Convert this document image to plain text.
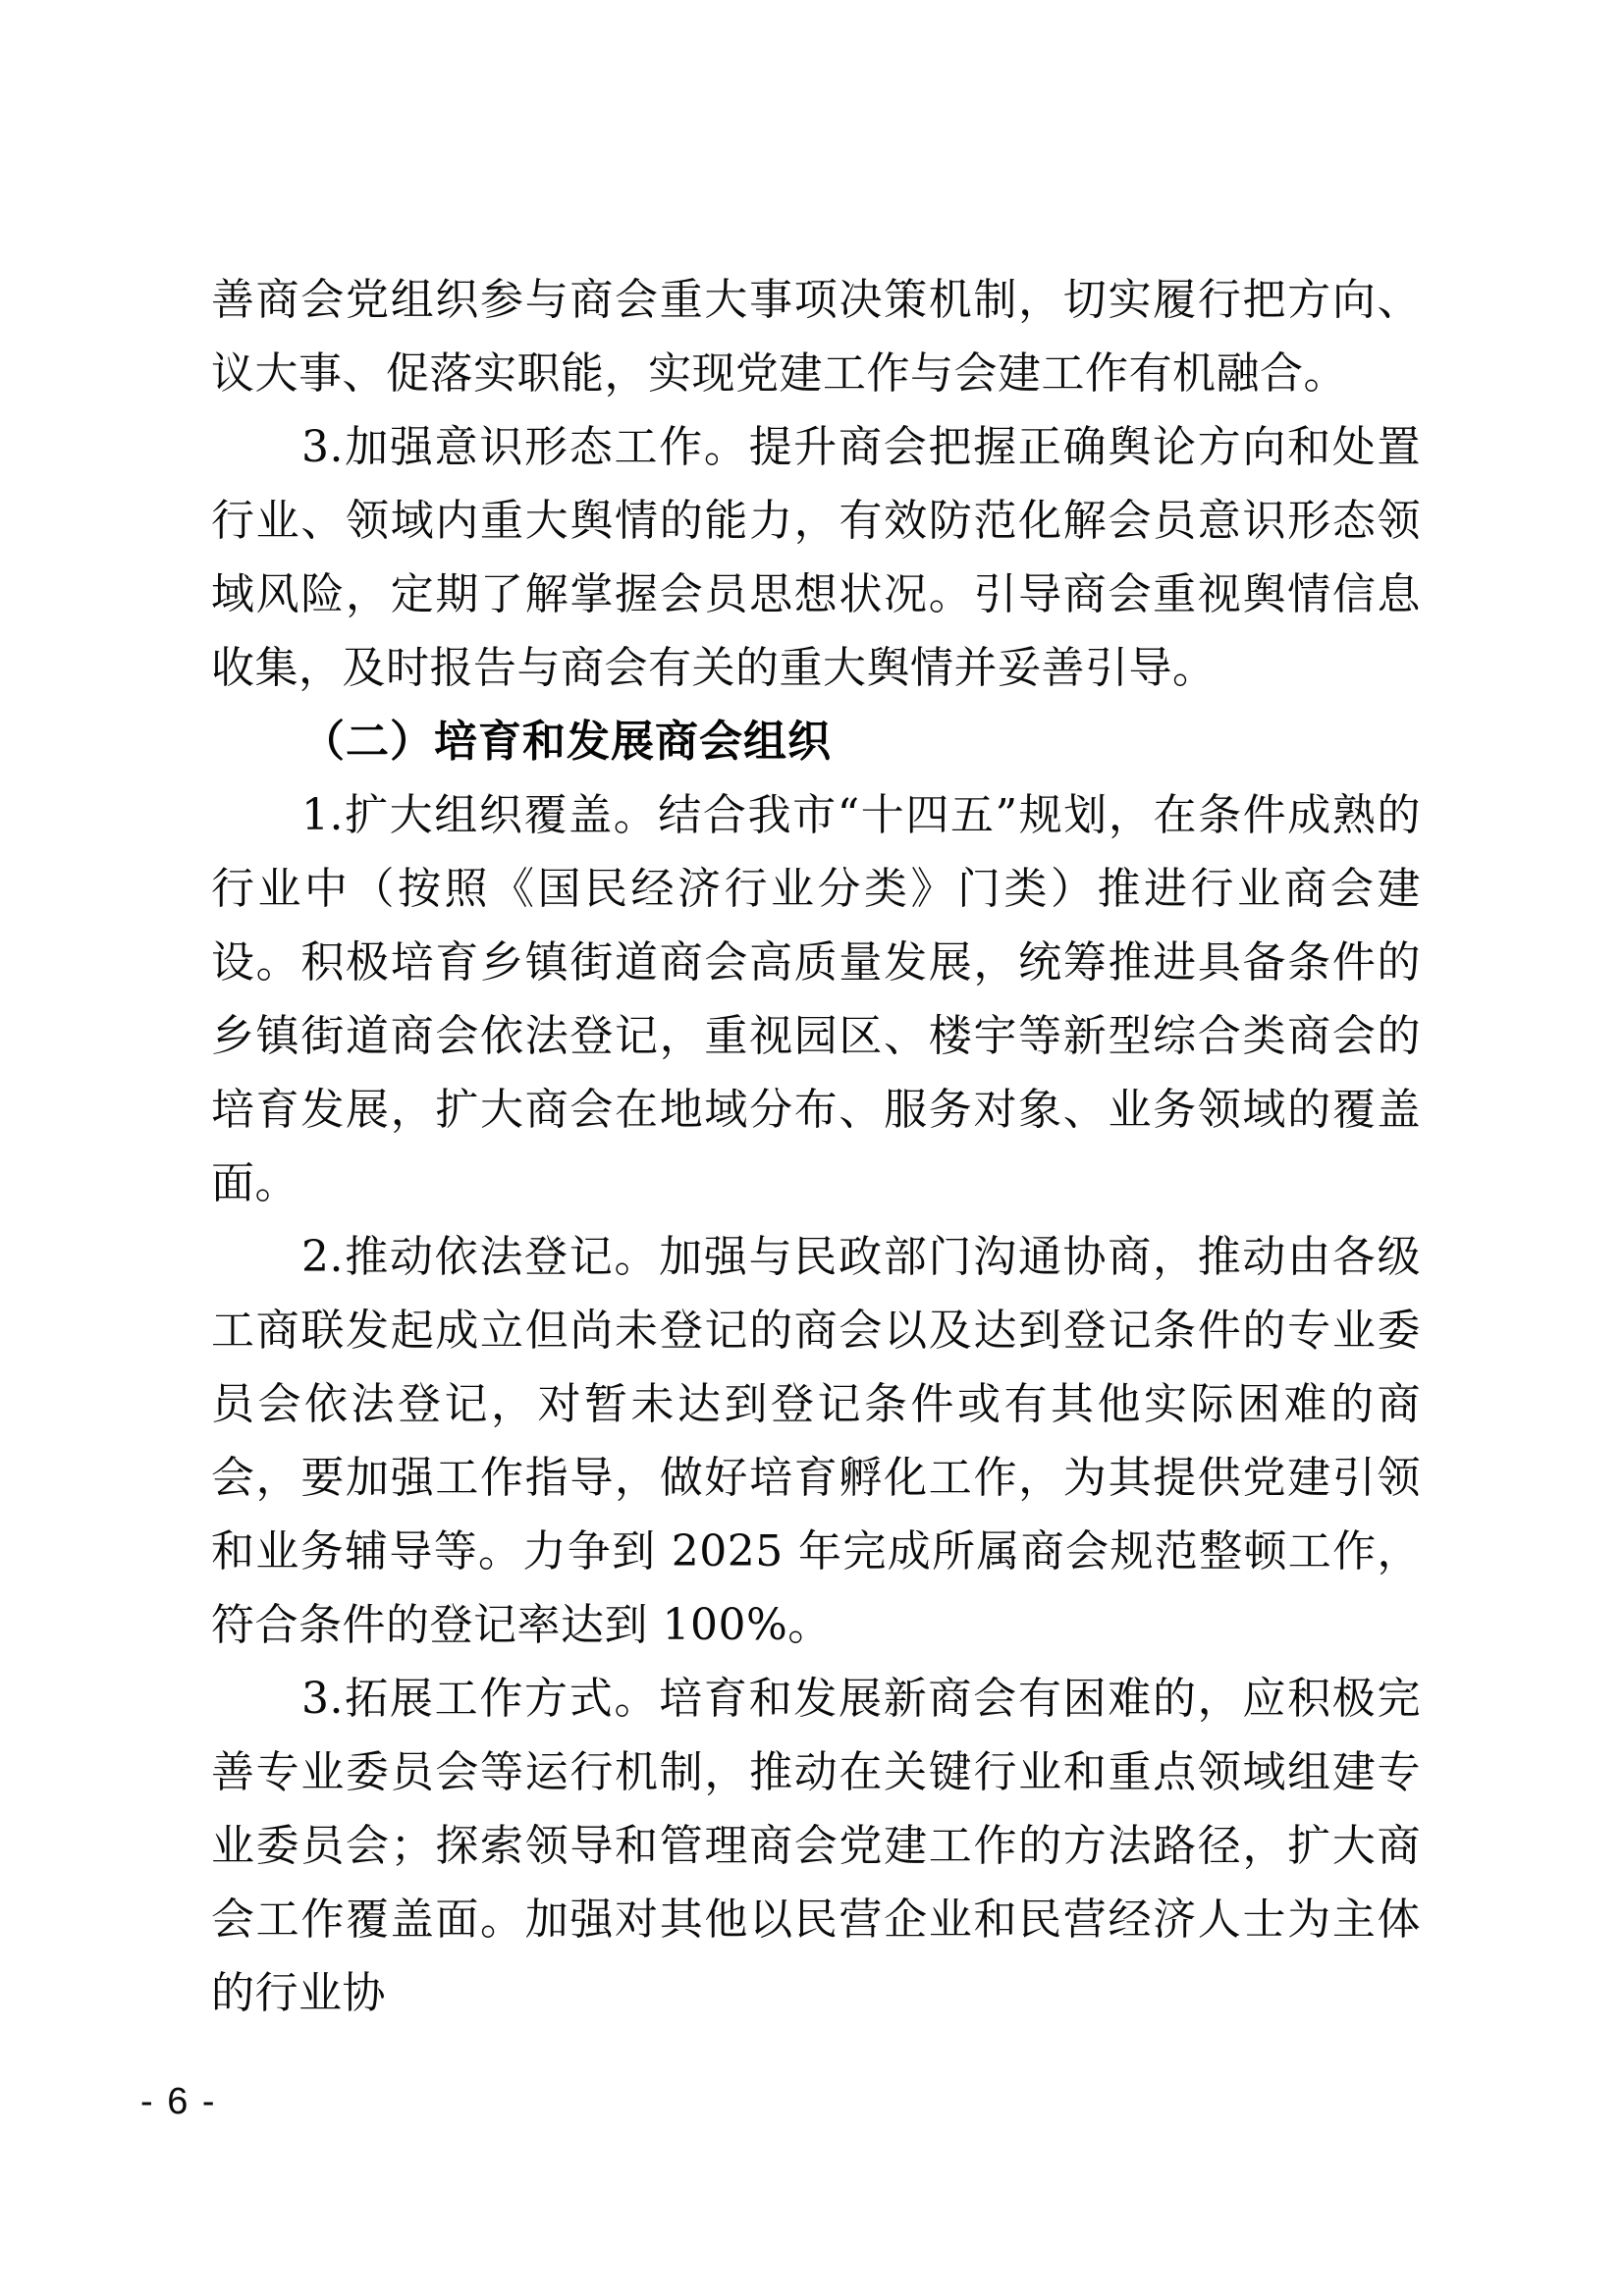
善商会党组织参与商会重大事项决策机制，切实履行把方向、议大事、促落实职能，实现党建工作与会建工作有机融合。

3.加强意识形态工作。提升商会把握正确舆论方向和处置行业、领域内重大舆情的能力，有效防范化解会员意识形态领域风险，定期了解掌握会员思想状况。引导商会重视舆情信息收集，及时报告与商会有关的重大舆情并妥善引导。

（二）培育和发展商会组织

1.扩大组织覆盖。结合我市“十四五”规划，在条件成熟的行业中（按照《国民经济行业分类》门类）推进行业商会建设。积极培育乡镇街道商会高质量发展，统筹推进具备条件的乡镇街道商会依法登记，重视园区、楼宇等新型综合类商会的培育发展，扩大商会在地域分布、服务对象、业务领域的覆盖面。

2.推动依法登记。加强与民政部门沟通协商，推动由各级工商联发起成立但尚未登记的商会以及达到登记条件的专业委员会依法登记，对暂未达到登记条件或有其他实际困难的商会，要加强工作指导，做好培育孵化工作，为其提供党建引领和业务辅导等。力争到 2025 年完成所属商会规范整顿工作，符合条件的登记率达到 100%。

3.拓展工作方式。培育和发展新商会有困难的，应积极完善专业委员会等运行机制，推动在关键行业和重点领域组建专业委员会；探索领导和管理商会党建工作的方法路径，扩大商会工作覆盖面。加强对其他以民营企业和民营经济人士为主体的行业协

- 6 -
